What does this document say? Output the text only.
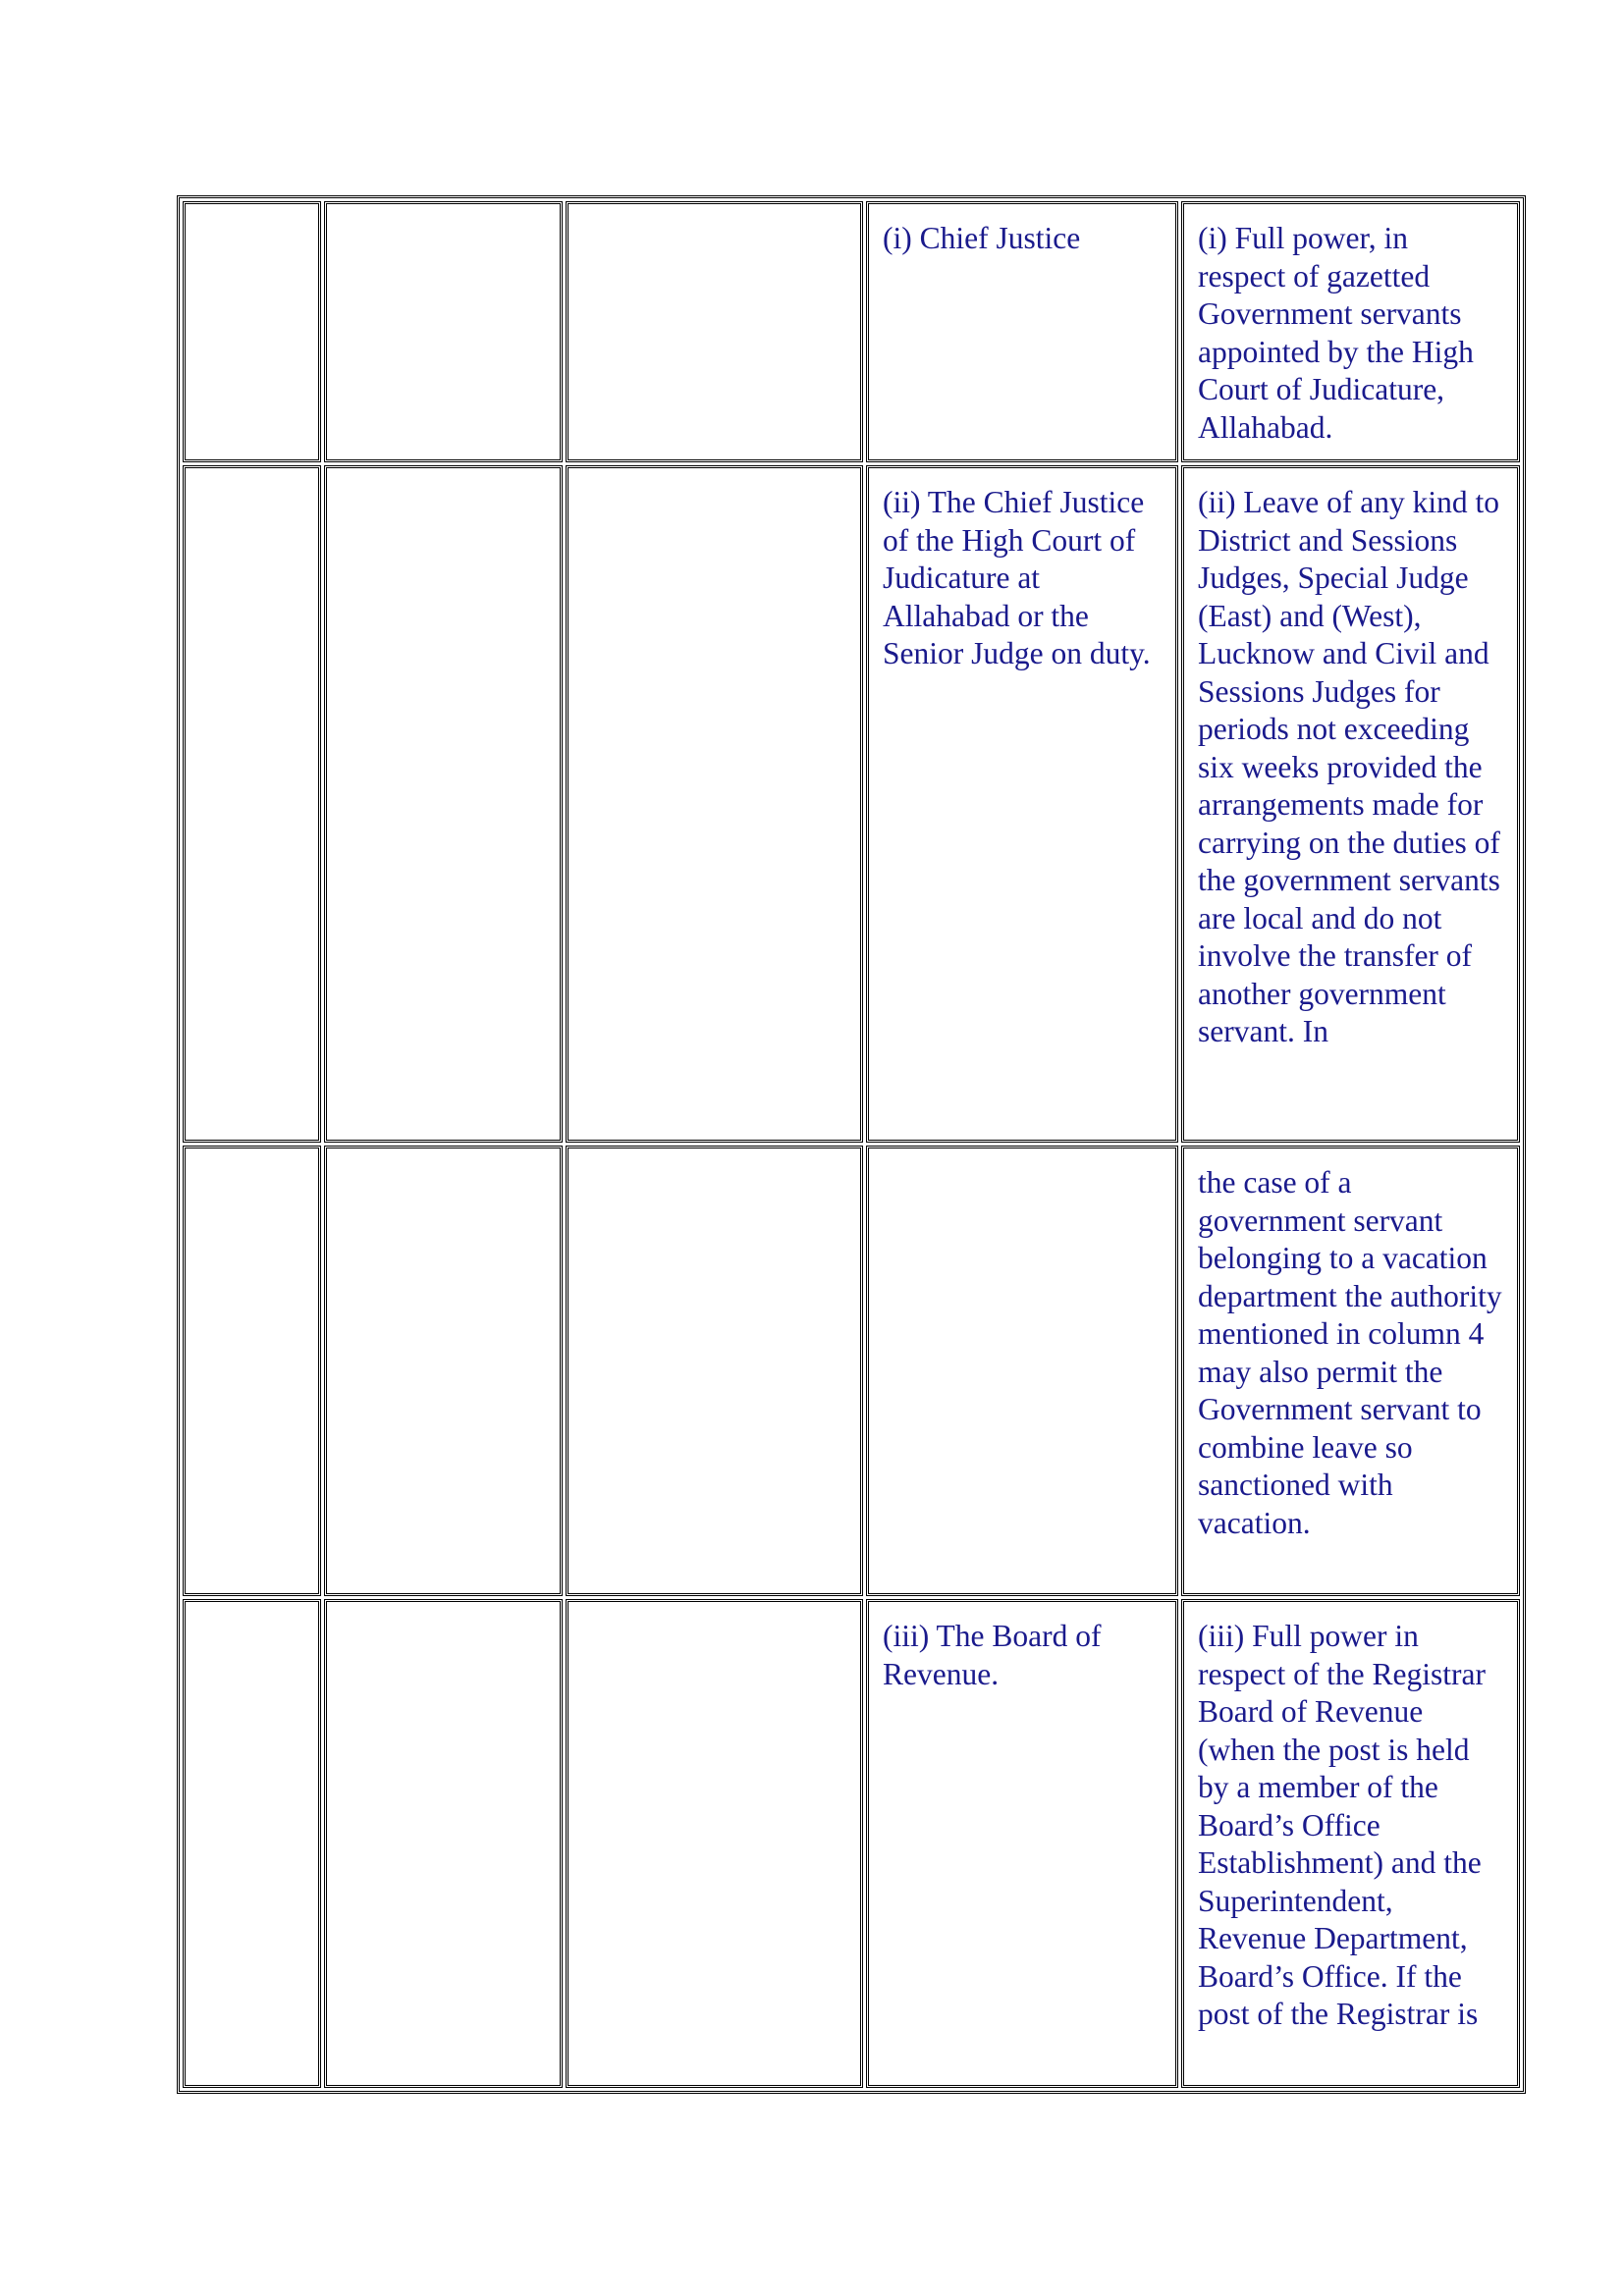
			(i) Chief Justice	(i) Full power, in respect of gazetted Government servants appointed by the High Court of Judicature, Allahabad.
			(ii) The Chief Justice of the High Court of Judicature at Allahabad or the Senior Judge on duty.	(ii) Leave of any kind to District and Sessions Judges, Special Judge (East) and (West), Lucknow and Civil and Sessions Judges for periods not exceeding six weeks provided the arrangements made for carrying on the duties of the government servants are local and do not involve the transfer of another government servant. In
				the case of a government servant belonging to a vacation department the authority mentioned in column 4 may also permit the Government servant to combine leave so sanctioned with vacation.
			(iii) The Board of Revenue.	(iii) Full power in respect of the Registrar Board of Revenue (when the post is held by a member of the Board’s Office Establishment) and the Superintendent, Revenue Department, Board’s Office. If the post of the Registrar is
